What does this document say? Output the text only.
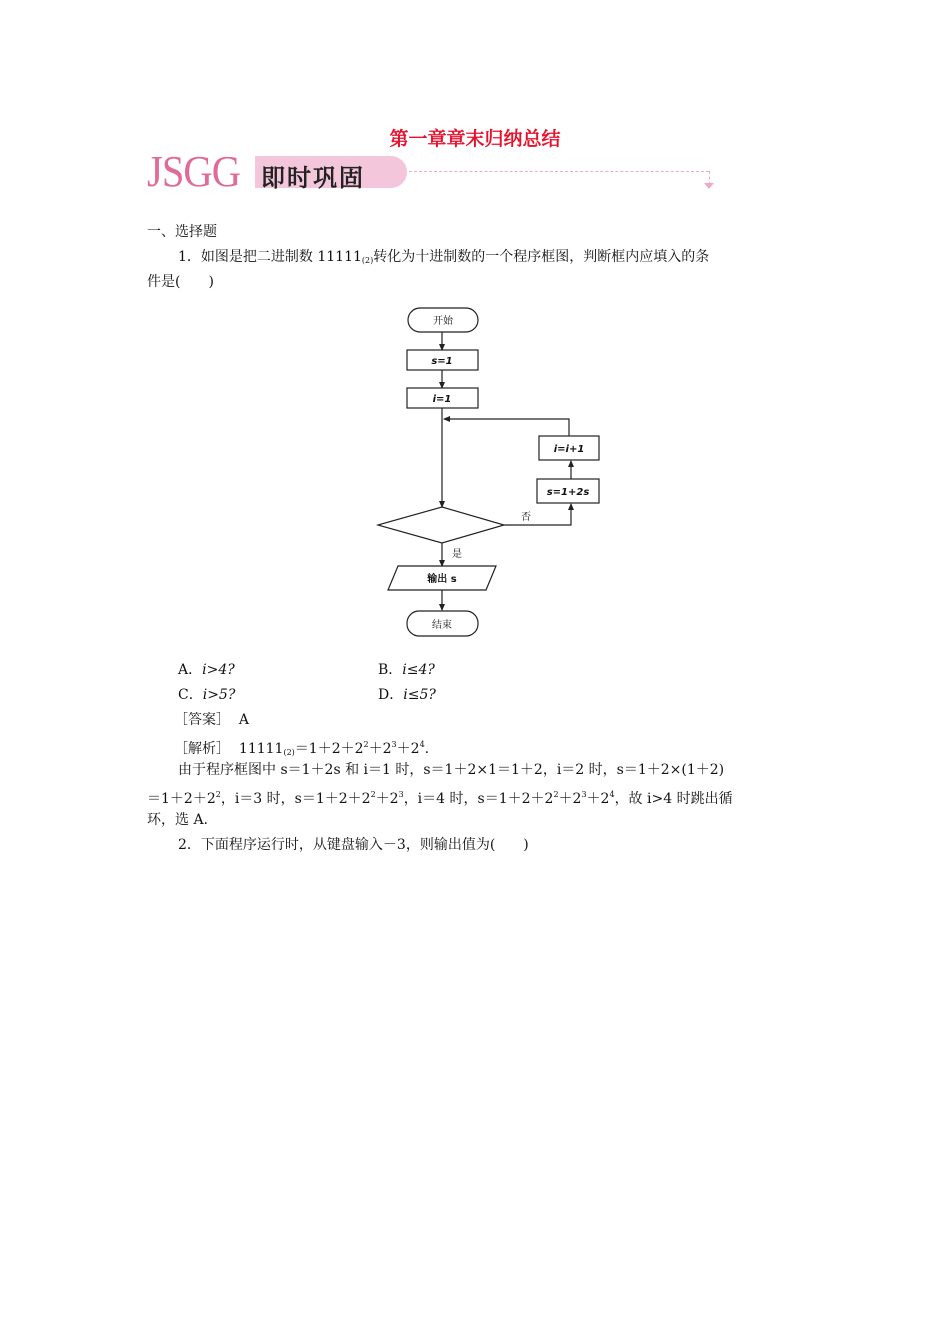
第一章章末归纳总结
JSGG 即时巩固
一、选择题
1．如图是把二进制数 $11111_{(2)}$转化为十进制数的一个程序框图，判断框内应填入的条
件是(　　)
开始
s=1
i=1
i=i+1
s=1+2s
否
是
输出 s
结束
A．i>4?	B．i≤4?
C．i>5?	D．i≤5?
［答案］ A
［解析］ $11111_{(2)}=1+2+2^2+2^3+2^4$.
由于程序框图中 s＝1＋2s 和 i＝1 时，s＝1＋2×1＝1＋2，i＝2 时，s＝1＋2×(1＋2)
$=1+2+2^2$，i＝3 时，$s=1+2+2^2+2^3$，i＝4 时，$s=1+2+2^2+2^3+2^4$，故 i>4 时跳出循
环，选 A.
2．下面程序运行时，从键盘输入－3，则输出值为(　　)
